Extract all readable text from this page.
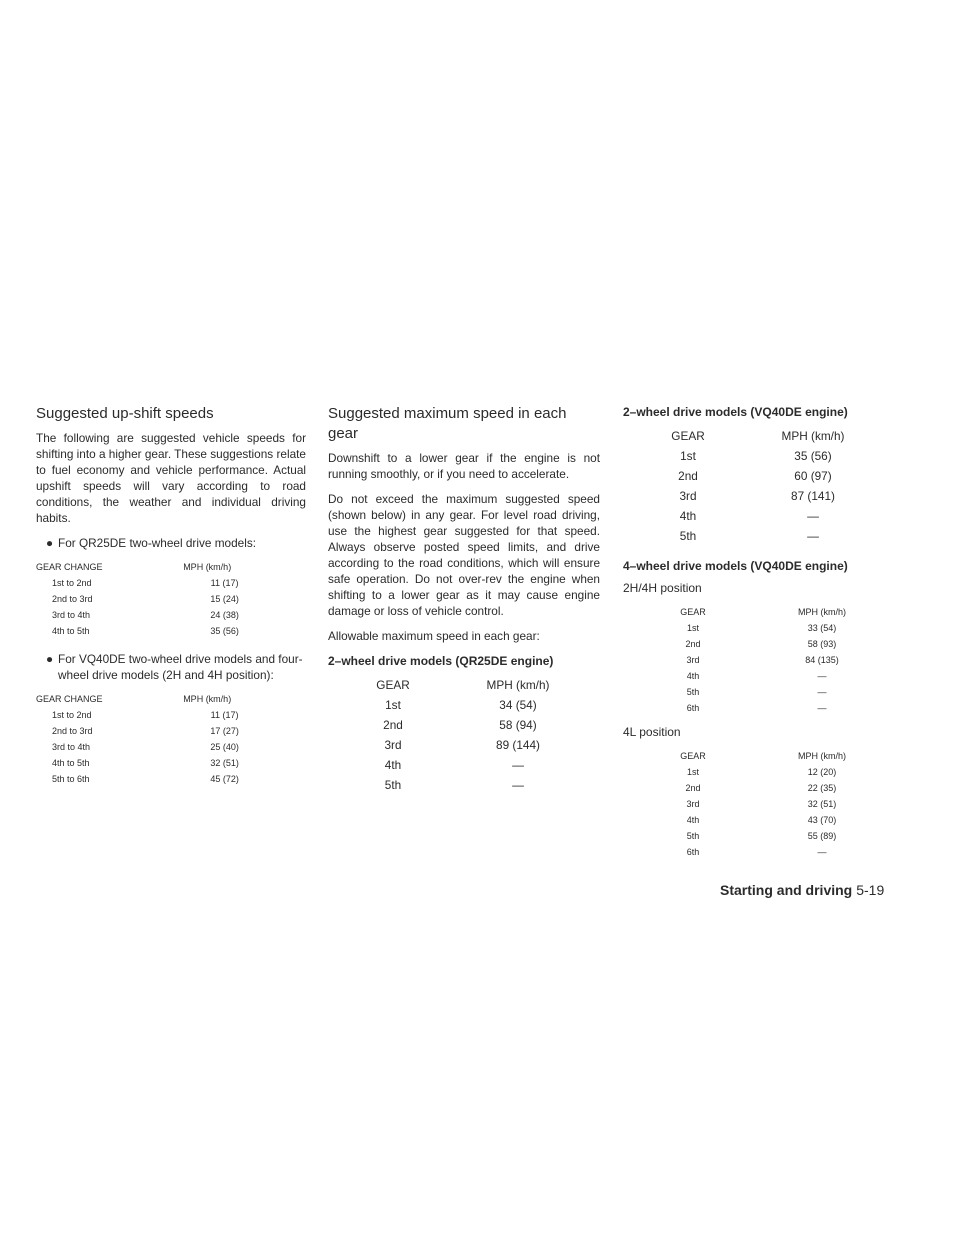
Suggested up-shift speeds

The following are suggested vehicle speeds for shifting into a higher gear. These suggestions relate to fuel economy and vehicle performance. Actual upshift speeds will vary according to road conditions, the weather and individual driving habits.

● For QR25DE two-wheel drive models:
GEAR CHANGE	MPH (km/h)
1st to 2nd	11 (17)
2nd to 3rd	15 (24)
3rd to 4th	24 (38)
4th to 5th	35 (56)
● For VQ40DE two-wheel drive models and four-wheel drive models (2H and 4H position):
GEAR CHANGE	MPH (km/h)
1st to 2nd	11 (17)
2nd to 3rd	17 (27)
3rd to 4th	25 (40)
4th to 5th	32 (51)
5th to 6th	45 (72)
Suggested maximum speed in each gear

Downshift to a lower gear if the engine is not running smoothly, or if you need to accelerate.

Do not exceed the maximum suggested speed (shown below) in any gear. For level road driving, use the highest gear suggested for that speed. Always observe posted speed limits, and drive according to the road conditions, which will ensure safe operation. Do not over-rev the engine when shifting to a lower gear as it may cause engine damage or loss of vehicle control.

Allowable maximum speed in each gear:

2–wheel drive models (QR25DE engine)
GEAR	MPH (km/h)
1st	34 (54)
2nd	58 (94)
3rd	89 (144)
4th	—
5th	—
2–wheel drive models (VQ40DE engine)
GEAR	MPH (km/h)
1st	35 (56)
2nd	60 (97)
3rd	87 (141)
4th	—
5th	—
4–wheel drive models (VQ40DE engine)
2H/4H position
GEAR	MPH (km/h)
1st	33 (54)
2nd	58 (93)
3rd	84 (135)
4th	—
5th	—
6th	—
4L position
GEAR	MPH (km/h)
1st	12 (20)
2nd	22 (35)
3rd	32 (51)
4th	43 (70)
5th	55 (89)
6th	—
Starting and driving 5-19
